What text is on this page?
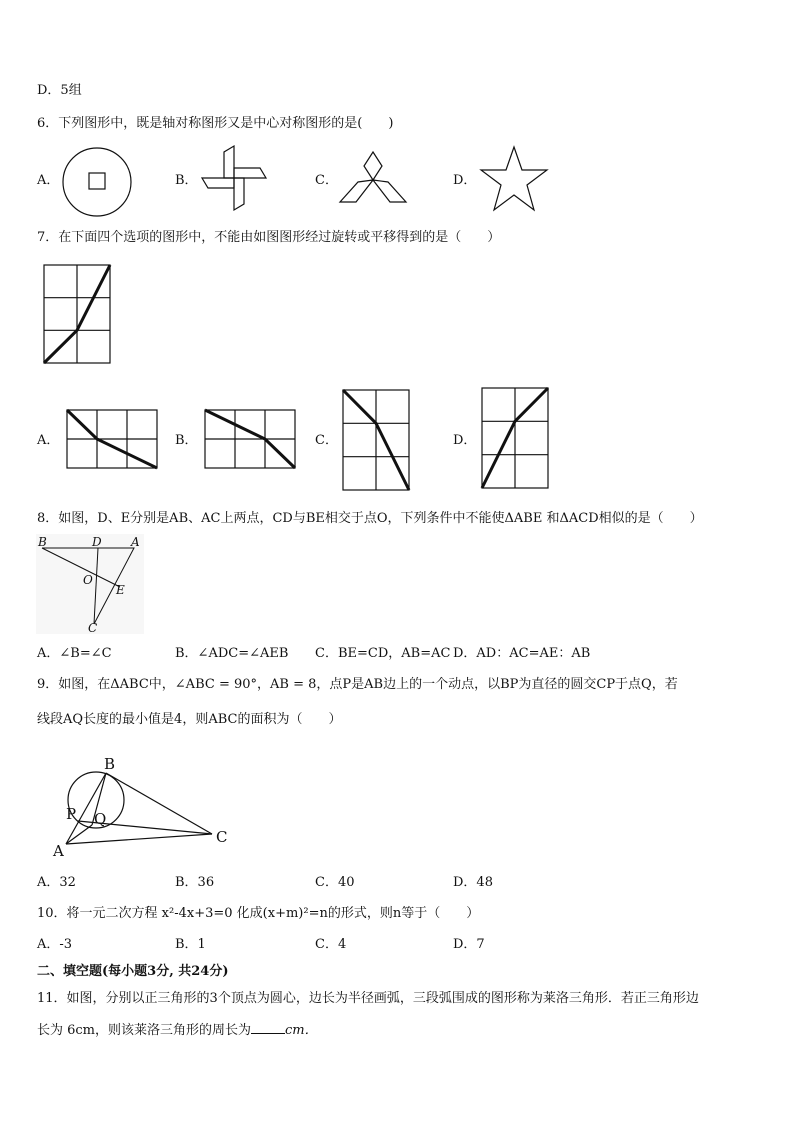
D．5组
6．下列图形中，既是轴对称图形又是中心对称图形的是(　　)
A．	B．	C．	D．
7．在下面四个选项的图形中，不能由如图图形经过旋转或平移得到的是（　　）
A．	B．	C．	D．
8．如图，D、E分别是AB、AC上两点，CD与BE相交于点O，下列条件中不能使ΔABE 和ΔACD相似的是（　　）
B	D A
O
E
C
A．∠B=∠C	B．∠ADC=∠AEB C．BE=CD，AB=AC D．AD：AC=AE：AB
9．如图，在ΔABC中，∠ABC = 90°，AB = 8，点P是AB边上的一个动点，以BP为直径的圆交CP于点Q，若
线段AQ长度的最小值是4，则ABC的面积为（　　）
B
P Q
A
C
A．32	B．36	C．40	D．48
10．将一元二次方程 x²-4x+3=0 化成(x+m)²=n的形式，则n等于（　　）
A．-3	B．1	C．4	D．7
二、填空题(每小题3分, 共24分)
11．如图，分别以正三角形的3个顶点为圆心，边长为半径画弧，三段弧围成的图形称为莱洛三角形．若正三角形边
长为 6cm，则该莱洛三角形的周长为	cm．
